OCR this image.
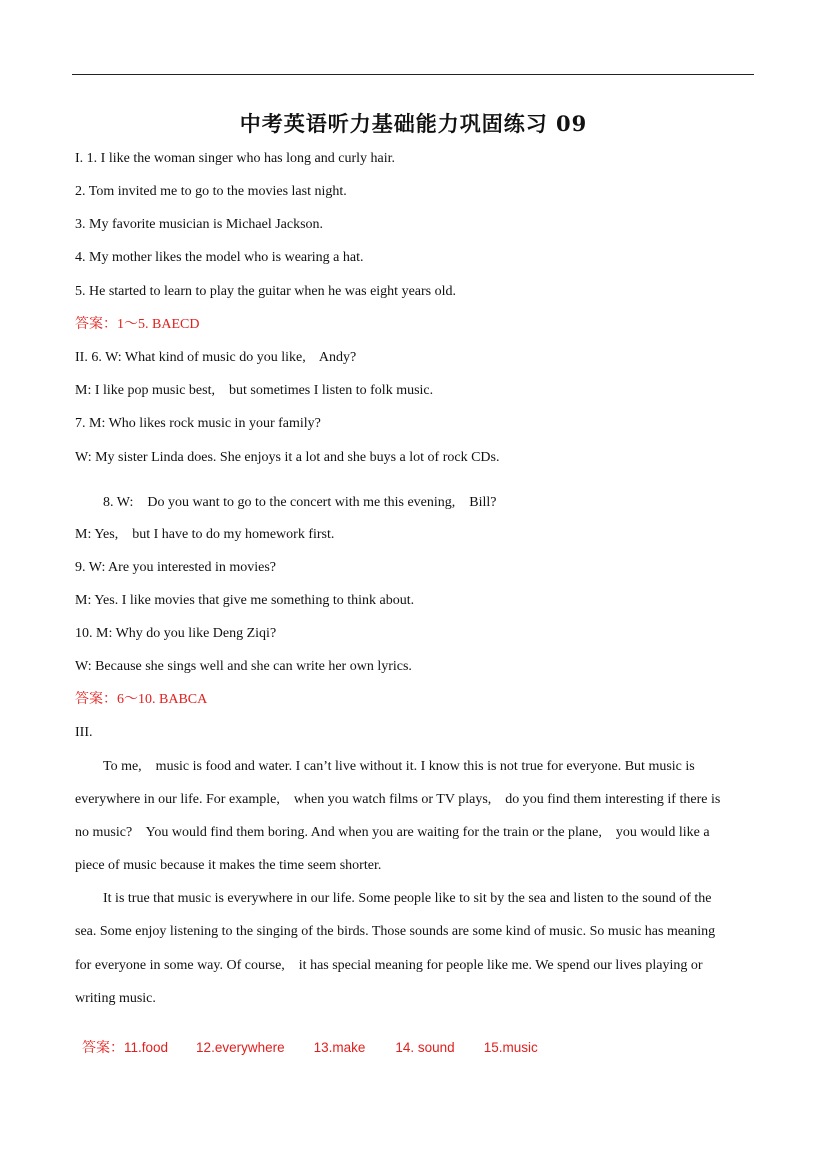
中考英语听力基础能力巩固练习 09
I. 1. I like the woman singer who has long and curly hair.
2. Tom invited me to go to the movies last night.
3. My favorite musician is Michael Jackson.
4. My mother likes the model who is wearing a hat.
5. He started to learn to play the guitar when he was eight years old.
答案：1～5. BAECD
II. 6. W: What kind of music do you like,    Andy?
M: I like pop music best,    but sometimes I listen to folk music.
7. M: Who likes rock music in your family?
W: My sister Linda does. She enjoys it a lot and she buys a lot of rock CDs.
8. W:    Do you want to go to the concert with me this evening,    Bill?
M: Yes,    but I have to do my homework first.
9. W: Are you interested in movies?
M: Yes. I like movies that give me something to think about.
10. M: Why do you like Deng Ziqi?
W: Because she sings well and she can write her own lyrics.
答案：6～10. BABCA
III.
To me,    music is food and water. I can’t live without it. I know this is not true for everyone. But music is
everywhere in our life. For example,    when you watch films or TV plays,    do you find them interesting if there is
no music?    You would find them boring. And when you are waiting for the train or the plane,    you would like a
piece of music because it makes the time seem shorter.
It is true that music is everywhere in our life. Some people like to sit by the sea and listen to the sound of the
sea. Some enjoy listening to the singing of the birds. Those sounds are some kind of music. So music has meaning
for everyone in some way. Of course,    it has special meaning for people like me. We spend our lives playing or
writing music.

答案：11.food 12.everywhere 13.make 14. sound 15.music
